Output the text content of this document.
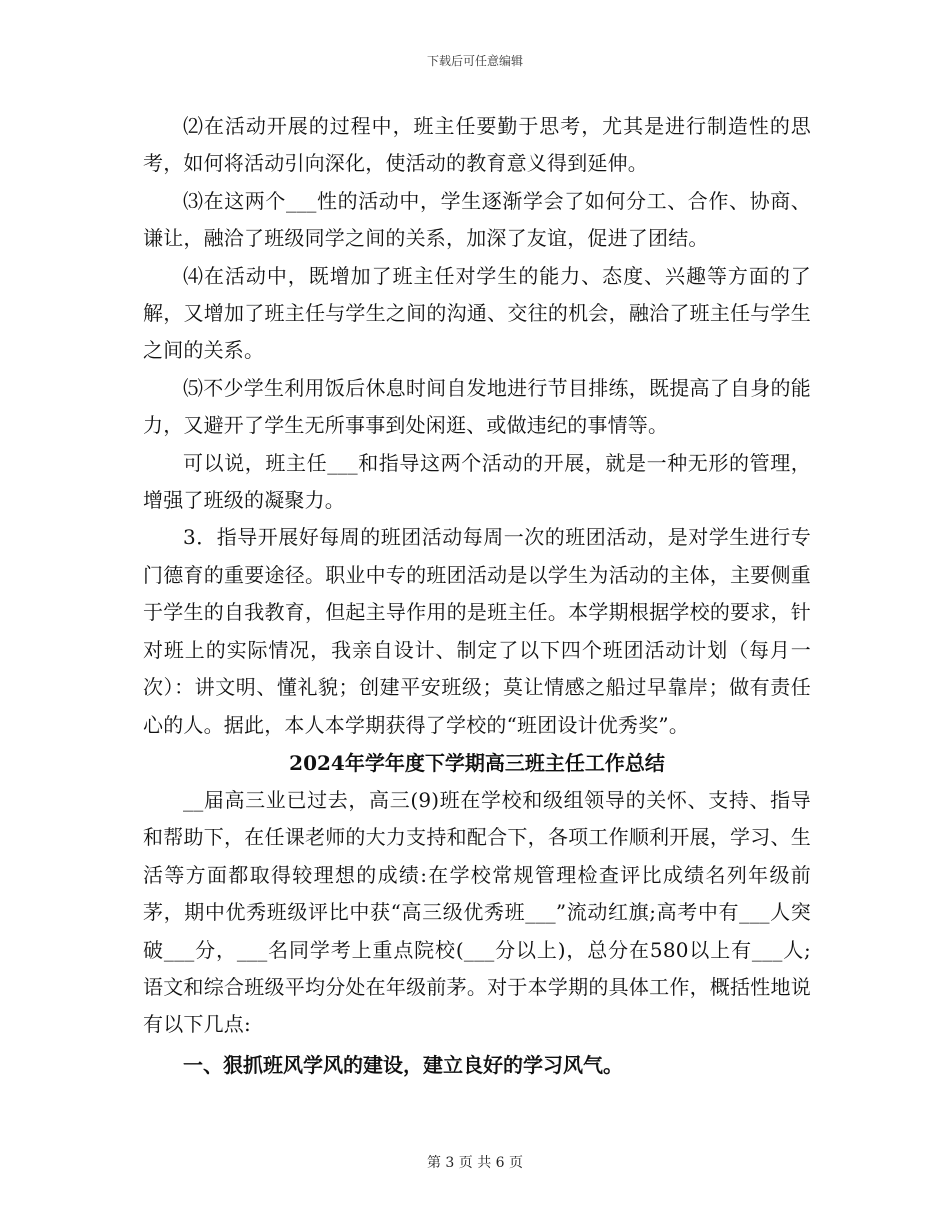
下载后可任意编辑

⑵在活动开展的过程中，班主任要勤于思考，尤其是进行制造性的思考，如何将活动引向深化，使活动的教育意义得到延伸。

⑶在这两个___性的活动中，学生逐渐学会了如何分工、合作、协商、谦让，融洽了班级同学之间的关系，加深了友谊，促进了团结。

⑷在活动中，既增加了班主任对学生的能力、态度、兴趣等方面的了解，又增加了班主任与学生之间的沟通、交往的机会，融洽了班主任与学生之间的关系。

⑸不少学生利用饭后休息时间自发地进行节目排练，既提高了自身的能力，又避开了学生无所事事到处闲逛、或做违纪的事情等。

可以说，班主任___和指导这两个活动的开展，就是一种无形的管理，增强了班级的凝聚力。

3．指导开展好每周的班团活动每周一次的班团活动，是对学生进行专门德育的重要途径。职业中专的班团活动是以学生为活动的主体，主要侧重于学生的自我教育，但起主导作用的是班主任。本学期根据学校的要求，针对班上的实际情况，我亲自设计、制定了以下四个班团活动计划（每月一次）：讲文明、懂礼貌；创建平安班级；莫让情感之船过早靠岸；做有责任心的人。据此，本人本学期获得了学校的“班团设计优秀奖”。

2024年学年度下学期高三班主任工作总结

__届高三业已过去，高三(9)班在学校和级组领导的关怀、支持、指导和帮助下，在任课老师的大力支持和配合下，各项工作顺利开展，学习、生活等方面都取得较理想的成绩:在学校常规管理检查评比成绩名列年级前茅，期中优秀班级评比中获“高三级优秀班___”流动红旗;高考中有___人突破___分，___名同学考上重点院校(___分以上)，总分在580以上有___人;语文和综合班级平均分处在年级前茅。对于本学期的具体工作，概括性地说有以下几点:

一、狠抓班风学风的建设，建立良好的学习风气。

第 3 页 共 6 页
